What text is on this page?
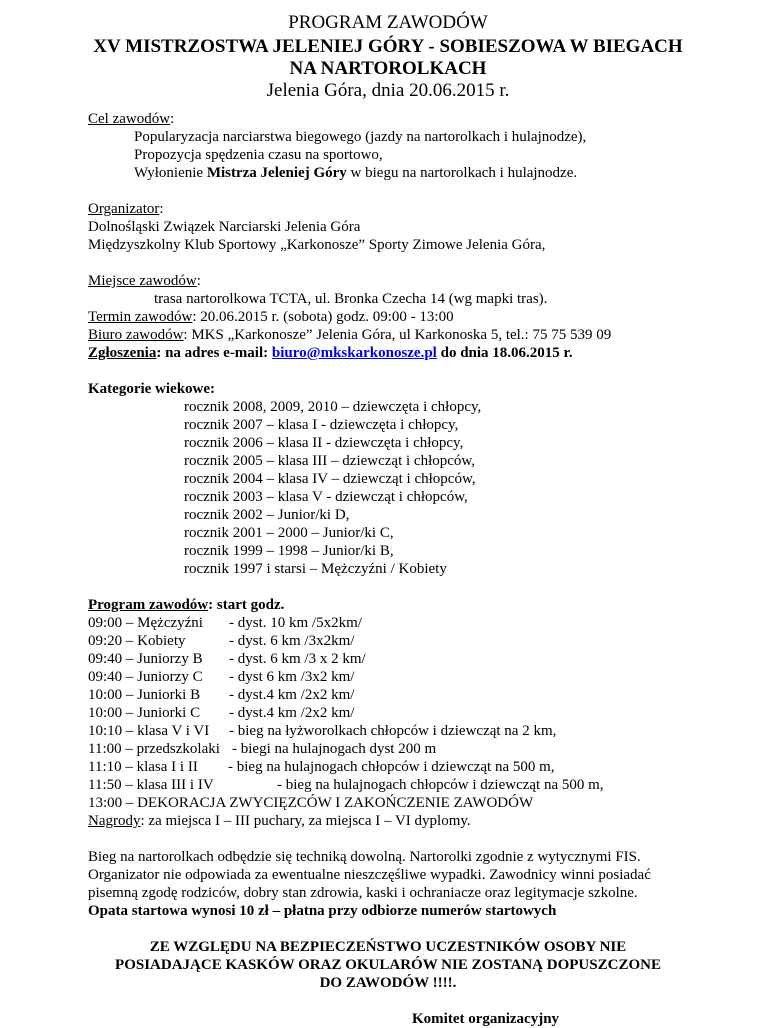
PROGRAM ZAWODÓW

XV MISTRZOSTWA JELENIEJ GÓRY - SOBIESZOWA W BIEGACH

NA NARTOROLKACH

Jelenia Góra, dnia 20.06.2015 r.

Cel zawodów:
Popularyzacja narciarstwa biegowego (jazdy na nartorolkach i hulajnodze),
Propozycja spędzenia czasu na sportowo,
Wyłonienie Mistrza Jeleniej Góry w biegu na nartorolkach i hulajnodze.
Organizator:
Dolnośląski Związek Narciarski Jelenia Góra
Międzyszkolny Klub Sportowy „Karkonosze” Sporty Zimowe Jelenia Góra,
Miejsce zawodów:
trasa nartorolkowa TCTA, ul. Bronka Czecha 14 (wg mapki tras).
Termin zawodów: 20.06.2015 r. (sobota) godz. 09:00 - 13:00
Biuro zawodów: MKS „Karkonosze” Jelenia Góra, ul Karkonoska 5, tel.: 75 75 539 09
Zgłoszenia: na adres e-mail: biuro@mkskarkonosze.pl do dnia 18.06.2015 r.
Kategorie wiekowe:
rocznik 2008, 2009, 2010 – dziewczęta i chłopcy,
rocznik 2007 – klasa I - dziewczęta i chłopcy,
rocznik 2006 – klasa II - dziewczęta i chłopcy,
rocznik 2005 – klasa III – dziewcząt i chłopców,
rocznik 2004 – klasa IV – dziewcząt i chłopców,
rocznik 2003 – klasa V - dziewcząt i chłopców,
rocznik 2002 – Junior/ki D,
rocznik 2001 – 2000 – Junior/ki C,
rocznik 1999 – 1998 – Junior/ki B,
rocznik 1997 i starsi – Mężczyźni / Kobiety
Program zawodów: start godz.
09:00 – Mężczyźni - dyst. 10 km /5x2km/
09:20 – Kobiety	- dyst. 6 km /3x2km/
09:40 – Juniorzy B - dyst. 6 km /3 x 2 km/
09:40 – Juniorzy C - dyst 6 km /3x2 km/
10:00 – Juniorki B - dyst.4 km /2x2 km/
10:00 – Juniorki C - dyst.4 km /2x2 km/
10:10 – klasa V i VI - bieg na łyżworolkach chłopców i dziewcząt na 2 km,
11:00 – przedszkolaki - biegi na hulajnogach dyst 200 m
11:10 – klasa I i II - bieg na hulajnogach chłopców i dziewcząt na 500 m,
11:50 – klasa III i IV	- bieg na hulajnogach chłopców i dziewcząt na 500 m,
13:00 – DEKORACJA ZWYCIĘZCÓW I ZAKOŃCZENIE ZAWODÓW
Nagrody: za miejsca I – III puchary, za miejsca I – VI dyplomy.
Bieg na nartorolkach odbędzie się techniką dowolną. Nartorolki zgodnie z wytycznymi FIS.
Organizator nie odpowiada za ewentualne nieszczęśliwe wypadki. Zawodnicy winni posiadać
pisemną zgodę rodziców, dobry stan zdrowia, kaski i ochraniacze oraz legitymacje szkolne.
Opata startowa wynosi 10 zł – płatna przy odbiorze numerów startowych

ZE WZGLĘDU NA BEZPIECZEŃSTWO UCZESTNIKÓW OSOBY NIE

POSIADAJĄCE KASKÓW ORAZ OKULARÓW NIE ZOSTANĄ DOPUSZCZONE

DO ZAWODÓW !!!!.

Komitet organizacyjny
